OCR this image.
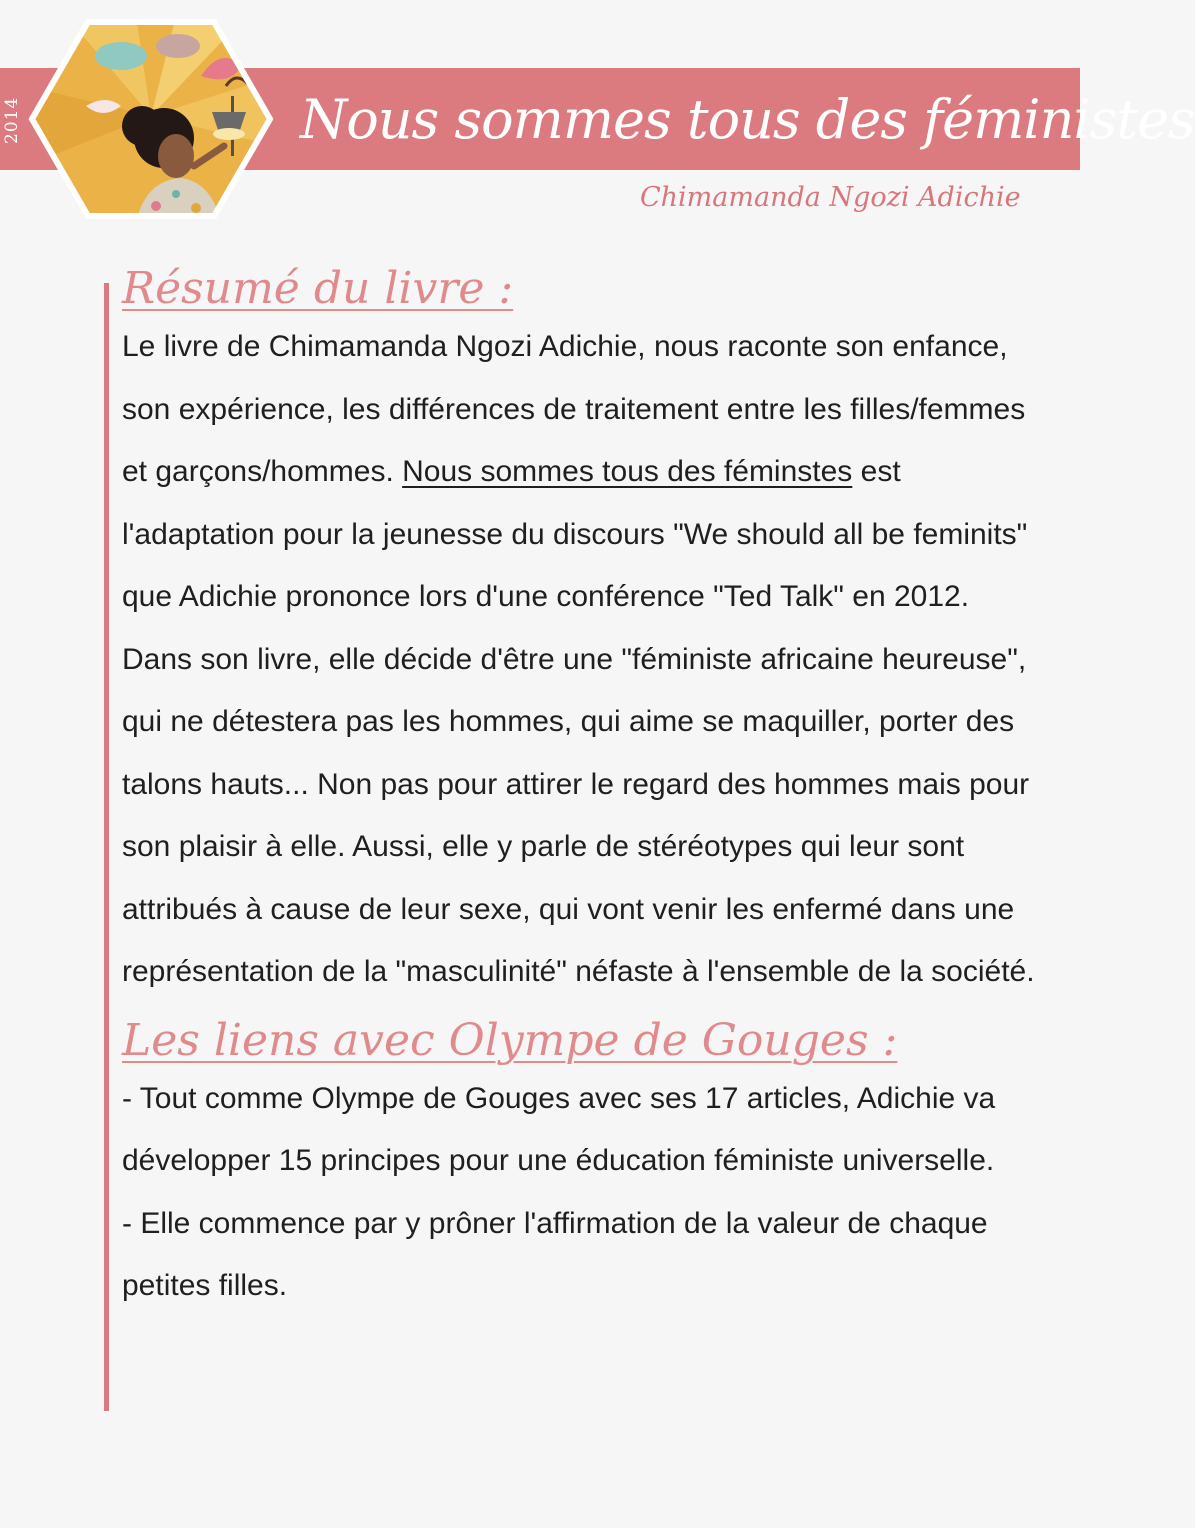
2014	Nous sommes tous des féministes
Chimamanda Ngozi Adichie
Résumé du livre :

Le livre de Chimamanda Ngozi Adichie, nous raconte son enfance, son expérience, les différences de traitement entre les filles/femmes et garçons/hommes. Nous sommes tous des féminstes est l'adaptation pour la jeunesse du discours "We should all be feminits" que Adichie prononce lors d'une conférence "Ted Talk" en 2012.

Dans son livre, elle décide d'être une "féministe africaine heureuse", qui ne détestera pas les hommes, qui aime se maquiller, porter des talons hauts... Non pas pour attirer le regard des hommes mais pour son plaisir à elle. Aussi, elle y parle de stéréotypes qui leur sont attribués à cause de leur sexe, qui vont venir les enfermé dans une représentation de la "masculinité" néfaste à l'ensemble de la société.

Les liens avec Olympe de Gouges :

- Tout comme Olympe de Gouges avec ses 17 articles, Adichie va développer 15 principes pour une éducation féministe universelle.

- Elle commence par y prôner l'affirmation de la valeur de chaque petites filles.
